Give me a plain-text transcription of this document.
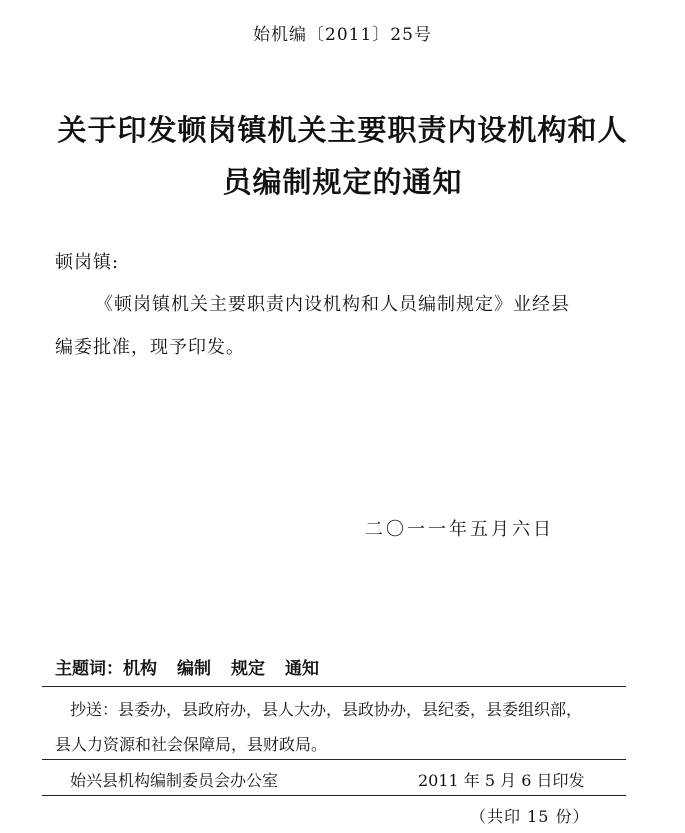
始机编〔2011〕25号
关于印发顿岗镇机关主要职责内设机构和人
员编制规定的通知
顿岗镇:
《顿岗镇机关主要职责内设机构和人员编制规定》业经县
编委批准，现予印发。
二〇一一年五月六日
主题词：机构 编制 规定 通知
抄送：县委办，县政府办，县人大办，县政协办，县纪委，县委组织部，
县人力资源和社会保障局，县财政局。
始兴县机构编制委员会办公室	2011 年 5 月 6 日印发
（共印 15 份）
